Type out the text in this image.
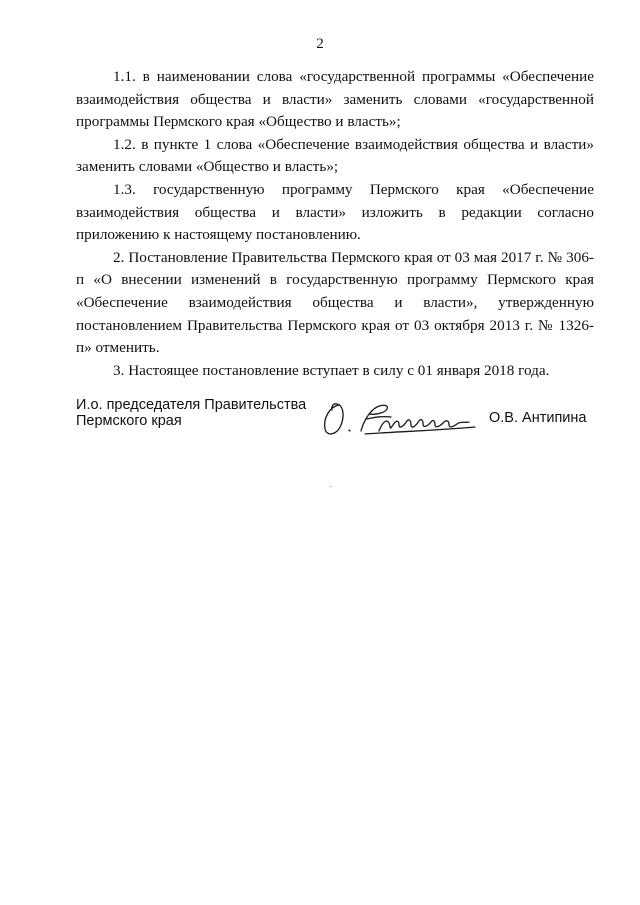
2

1.1. в наименовании слова «государственной программы «Обеспечение взаимодействия общества и власти» заменить словами «государственной программы Пермского края «Общество и власть»;

1.2. в пункте 1 слова «Обеспечение взаимодействия общества и власти» заменить словами «Общество и власть»;

1.3. государственную программу Пермского края «Обеспечение взаимодействия общества и власти» изложить в редакции согласно приложению к настоящему постановлению.

2. Постановление Правительства Пермского края от 03 мая 2017 г. № 306-п «О внесении изменений в государственную программу Пермского края «Обеспечение взаимодействия общества и власти», утвержденную постановлением Правительства Пермского края от 03 октября 2013 г. № 1326-п» отменить.

3. Настоящее постановление вступает в силу с 01 января 2018 года.

И.о. председателя Правительства
Пермского края	О.В. Антипина
